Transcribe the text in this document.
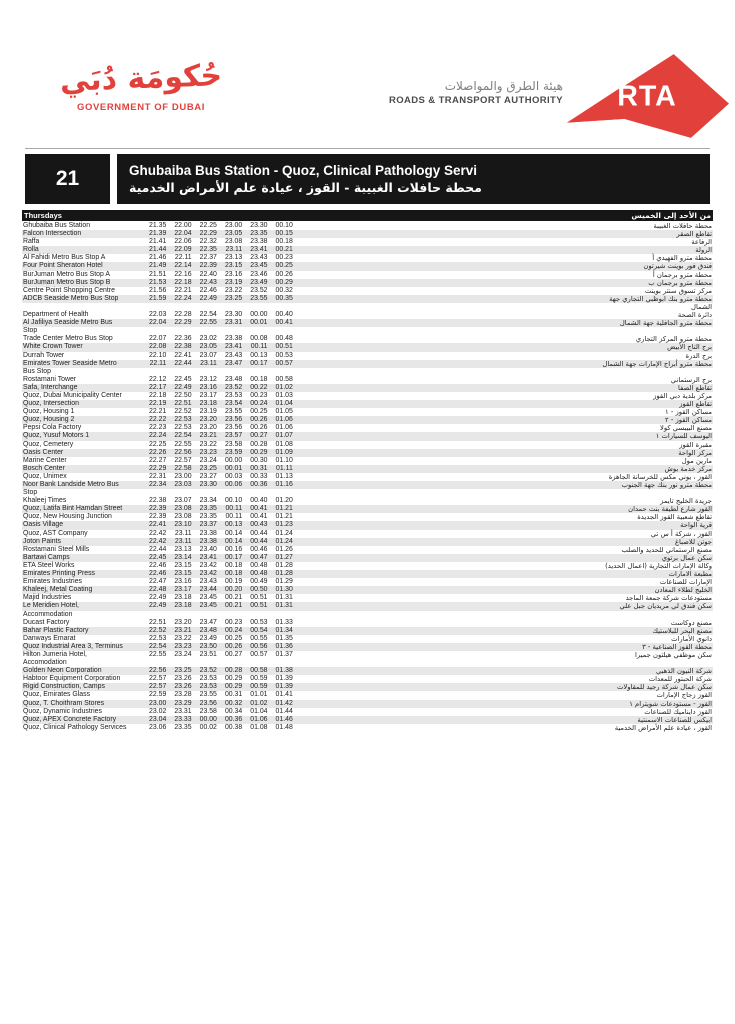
حُكومَة دُبَي
GOVERNMENT OF DUBAI
هيئة الطرق والمواصلات
ROADS & TRANSPORT AUTHORITY RTA
21	Ghubaiba Bus Station - Quoz, Clinical Pathology Servi
محطة حافلات الغبيبة - القوز ، عيادة علم الأمراض الخدمية
Thursdays	من الأحد إلى الخميس
Ghubaiba Bus Station	21.35	22.00	22.25	23.00	23.30	00.10	محطة حافلات الغبيبة
Falcon Intersection	21.39	22.04	22.29	23.05	23.35	00.15	تقاطع الصقر
Raffa	21.41	22.06	22.32	23.08	23.38	00.18	الرفاعة
Rolla	21.44	22.09	22.35	23.11	23.41	00.21	الرولة
Al Fahidi Metro Bus Stop A	21.46	22.11	22.37	23.13	23.43	00.23	محطة مترو الفهيدي أ
Four Point Sheraton Hotel	21.49	22.14	22.39	23.15	23.45	00.25	فندق فور بوينت شيرتون
BurJuman Metro Bus Stop A	21.51	22.16	22.40	23.16	23.46	00.26	محطة مترو برجمان أ
BurJuman Metro Bus Stop B	21.53	22.18	22.43	23.19	23.49	00.29	محطة مترو برجمان ب
Centre Point Shopping Centre	21.56	22.21	22.46	23.22	23.52	00.32	مركز تسوق سنتر بوينت
ADCB Seaside Metro Bus Stop	21.59	22.24	22.49	23.25	23.55	00.35	محطة مترو بنك ابوظبي التجاري جهة
الشمال
Department of Health	22.03	22.28	22.54	23.30	00.00	00.40	دائرة الصحة
Al Jafiliya Seaside Metro Bus	22.04	22.29	22.55	23.31	00.01	00.41	محطة مترو الجافلية جهة الشمال
Stop
Trade Center Metro Bus Stop	22.07	22.36	23.02	23.38	00.08	00.48	محطة مترو المركز التجاري
White Crown Tower	22.08	22.38	23.05	23.41	00.11	00.51	برج التاج الأبيض
Durrah Tower	22.10	22.41	23.07	23.43	00.13	00.53	برج الدرة
Emirates Tower Seaside Metro	22.11	22.44	23.11	23.47	00.17	00.57	محطة مترو أبراج الإمارات جهة الشمال
Bus Stop
Rostamani Tower	22.12	22.45	23.12	23.48	00.18	00.58	برج الرستماني
Safa, Interchange	22.17	22.49	23.16	23.52	00.22	01.02	تقاطع الصفا
Quoz, Dubai Municipality Center	22.18	22.50	23.17	23.53	00.23	01.03	مركز بلدية دبي القوز
Quoz, Intersection	22.19	22.51	23.18	23.54	00.24	01.04	تقاطع القوز
Quoz, Housing 1	22.21	22.52	23.19	23.55	00.25	01.05	مساكن القوز - ١
Quoz, Housing 2	22.22	22.53	23.20	23.56	00.26	01.06	مساكن القوز - ٢
Pepsi Cola Factory	22.23	22.53	23.20	23.56	00.26	01.06	مصنع البيبسي كولا
Quoz, Yusuf Motors 1	22.24	22.54	23.21	23.57	00.27	01.07	اليوسف للسيارات ١
Quoz, Cemetery	22.25	22.55	23.22	23.58	00.28	01.08	مقبرة القوز
Oasis Center	22.26	22.56	23.23	23.59	00.29	01.09	مركز الواحة
Marine Center	22.27	22.57	23.24	00.00	00.30	01.10	مارين مول
Bosch Center	22.29	22.58	23.25	00.01	00.31	01.11	مركز خدمة بوش
Quoz, Unimex	22.31	23.00	23.27	00.03	00.33	01.13	القوز ، يوني مكس للخرسانة الجاهزة
Noor Bank Landside Metro Bus	22.34	23.03	23.30	00.06	00.36	01.16	محطة مترو نور بنك جهة الجنوب
Stop
Khaleej Times	22.38	23.07	23.34	00.10	00.40	01.20	جريدة الخليج تايمز
Quoz, Latifa Bint Hamdan Street	22.39	23.08	23.35	00.11	00.41	01.21	القوز شارع لطيفة بنت حمدان
Quoz, New Housing Junction	22.39	23.08	23.35	00.11	00.41	01.21	تقاطع شعبية القوز الجديدة
Oasis Village	22.41	23.10	23.37	00.13	00.43	01.23	قرية الواحة
Quoz, AST Company	22.42	23.11	23.38	00.14	00.44	01.24	القوز ، شركة أ س تي
Joton Paints	22.42	23.11	23.38	00.14	00.44	01.24	جوتن للاصباغ
Rostamani Steel Mills	22.44	23.13	23.40	00.16	00.46	01.26	مصنع الرستماني للحديد والصلب
Bartawi Camps	22.45	23.14	23.41	00.17	00.47	01.27	سكن عمال برتوي
ETA Steel Works	22.46	23.15	23.42	00.18	00.48	01.28	وكالة الإمارات التجارية (اعمال الحديد)
Emirates Printing Press	22.46	23.15	23.42	00.18	00.48	01.28	مطبعة الامارات
Emirates Industries	22.47	23.16	23.43	00.19	00.49	01.29	الإمارات للصناعات
Khaleej, Metal Coating	22.48	23.17	23.44	00.20	00.50	01.30	الخليج لطلاء المعادن
Majid Industries	22.49	23.18	23.45	00.21	00.51	01.31	مستودعات شركة جمعة الماجد
Le Meridien Hotel,	22.49	23.18	23.45	00.21	00.51	01.31	سكن فندق لي مريديان جبل علي
Accommodation
Ducast Factory	22.51	23.20	23.47	00.23	00.53	01.33	مصنع دوكاست
Bahar Plastic Factory	22.52	23.21	23.48	00.24	00.54	01.34	مصنع البحر للبلاستيك
Danways Emarat	22.53	23.22	23.49	00.25	00.55	01.35	دانوي الأمارات
Quoz Industrial Area 3, Terminus	22.54	23.23	23.50	00.26	00.56	01.36	محطة القوز الصناعية - ٣
Hilton Jumeria Hotel,	22.55	23.24	23.51	00.27	00.57	01.37	سكن موظفي هيلتون جميرا
Accomodation
Golden Neon Corporation	22.56	23.25	23.52	00.28	00.58	01.38	شركة النيون الذهبي
Habtoor Equipment Corporation	22.57	23.26	23.53	00.29	00.59	01.39	شركة الحبتور للمعدات
Rigid Construction, Camps	22.57	23.26	23.53	00.29	00.59	01.39	سكن عمال شركة رجيد للمقاولات
Quoz, Emirates Glass	22.59	23.28	23.55	00.31	01.01	01.41	القوز زجاج الإمارات
Quoz, T. Choithram Stores	23.00	23.29	23.56	00.32	01.02	01.42	القوز - مستودعات شويترام ١
Quoz, Dynamic Industries	23.02	23.31	23.58	00.34	01.04	01.44	القوز دايناميك للصناعات
Quoz, APEX Concrete Factory	23.04	23.33	00.00	00.36	01.06	01.46	ابيكس للصناعات الاسمنتية
Quoz, Clinical Pathology Services	23.06	23.35	00.02	00.38	01.08	01.48	القوز ، عيادة علم الأمراض الخدمية
